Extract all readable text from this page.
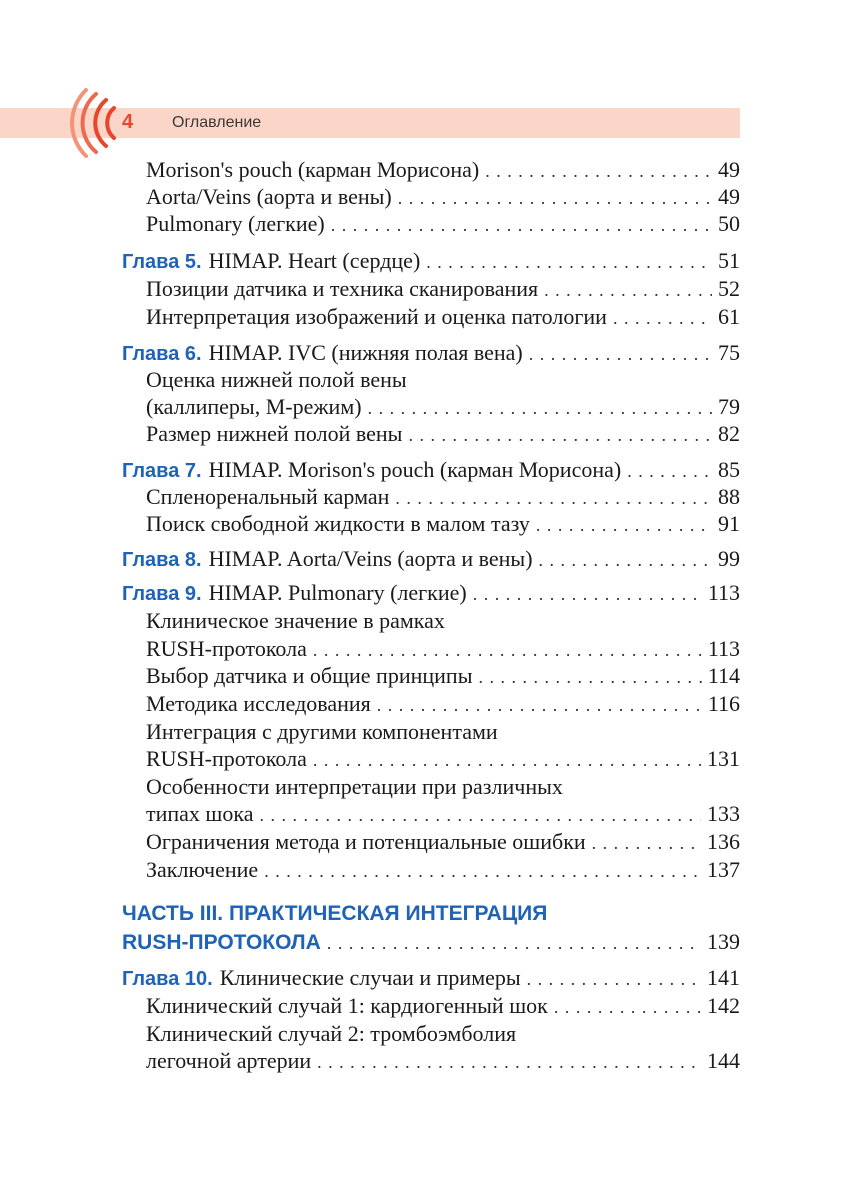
4 Оглавление
Morison's pouch (карман Морисона) . . .	49
Aorta/Veins (аорта и вены) . . .	49
Pulmonary (легкие) . . .	50
Глава 5. HIMAP. Heart (сердце) . . .	51
Позиции датчика и техника сканирования . . .	52
Интерпретация изображений и оценка патологии . . .	61
Глава 6. HIMAP. IVC (нижняя полая вена) . . .	75
Оценка нижней полой вены
(каллиперы, М-режим) . . .	79
Размер нижней полой вены . . .	82
Глава 7. HIMAP. Morison's pouch (карман Морисона) . . .	85
Спленоренальный карман . . .	88
Поиск свободной жидкости в малом тазу . . .	91
Глава 8. HIMAP. Aorta/Veins (аорта и вены) . . .	99
Глава 9. HIMAP. Pulmonary (легкие) . . .	113
Клиническое значение в рамках
RUSH-протокола . . .	113
Выбор датчика и общие принципы . . .	114
Методика исследования . . .	116
Интеграция с другими компонентами
RUSH-протокола . . .	131
Особенности интерпретации при различных
типах шока . . .	133
Ограничения метода и потенциальные ошибки . . .	136
Заключение . . .	137
ЧАСТЬ III. ПРАКТИЧЕСКАЯ ИНТЕГРАЦИЯ
RUSH-ПРОТОКОЛА . . .	139
Глава 10. Клинические случаи и примеры . . .	141
Клинический случай 1: кардиогенный шок . . .	142
Клинический случай 2: тромбоэмболия
легочной артерии . . .	144
